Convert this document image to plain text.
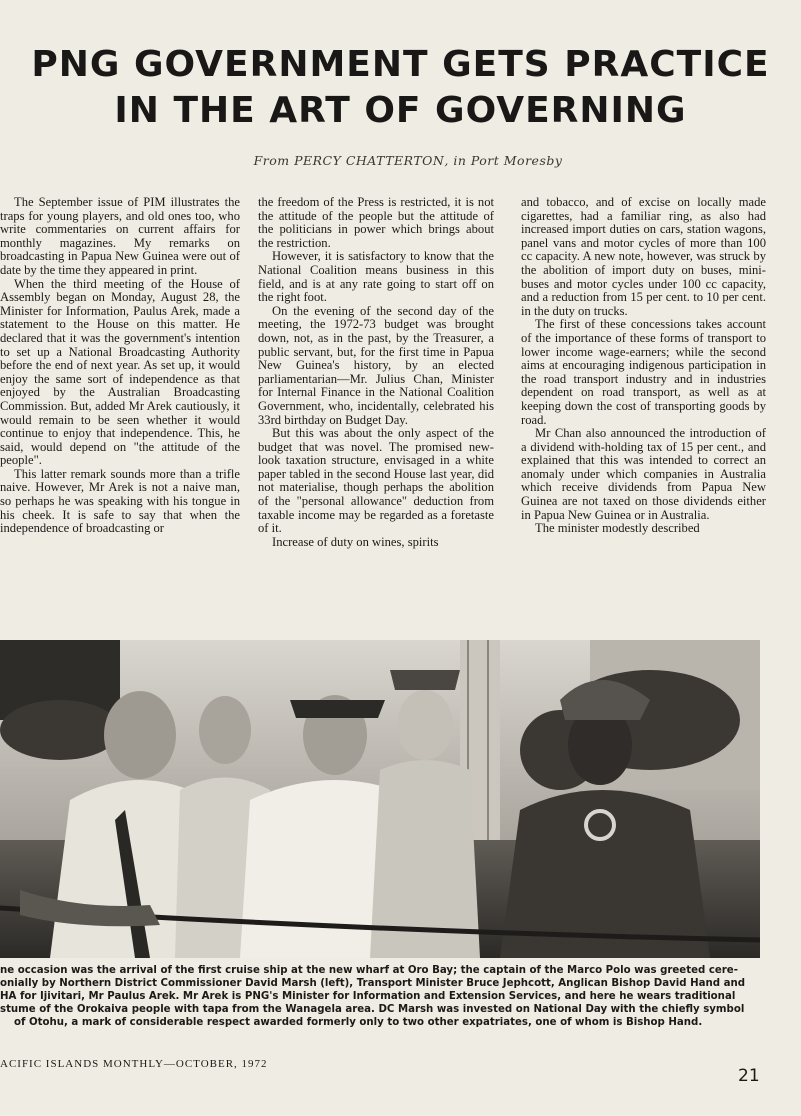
PNG GOVERNMENT GETS PRACTICE
IN THE ART OF GOVERNING
From PERCY CHATTERTON, in Port Moresby

The September issue of PIM illustrates the traps for young players, and old ones too, who write commentaries on current affairs for monthly magazines. My remarks on broadcasting in Papua New Guinea were out of date by the time they appeared in print.

When the third meeting of the House of Assembly began on Monday, August 28, the Minister for Information, Paulus Arek, made a statement to the House on this matter. He declared that it was the government's intention to set up a National Broadcasting Authority before the end of next year. As set up, it would enjoy the same sort of independence as that enjoyed by the Australian Broadcasting Commission. But, added Mr Arek cautiously, it would remain to be seen whether it would continue to enjoy that independence. This, he said, would depend on "the attitude of the people".

This latter remark sounds more than a trifle naive. However, Mr Arek is not a naive man, so perhaps he was speaking with his tongue in his cheek. It is safe to say that when the independence of broadcasting or

the freedom of the Press is restricted, it is not the attitude of the people but the attitude of the politicians in power which brings about the restriction.

However, it is satisfactory to know that the National Coalition means business in this field, and is at any rate going to start off on the right foot.

On the evening of the second day of the meeting, the 1972-73 budget was brought down, not, as in the past, by the Treasurer, a public servant, but, for the first time in Papua New Guinea's history, by an elected parliamentarian—Mr. Julius Chan, Minister for Internal Finance in the National Coalition Government, who, incidentally, celebrated his 33rd birthday on Budget Day.

But this was about the only aspect of the budget that was novel. The promised new-look taxation structure, envisaged in a white paper tabled in the second House last year, did not materialise, though perhaps the abolition of the "personal allowance" deduction from taxable income may be regarded as a foretaste of it.

Increase of duty on wines, spirits

and tobacco, and of excise on locally made cigarettes, had a familiar ring, as also had increased import duties on cars, station wagons, panel vans and motor cycles of more than 100 cc capacity. A new note, however, was struck by the abolition of import duty on buses, mini-buses and motor cycles under 100 cc capacity, and a reduction from 15 per cent. to 10 per cent. in the duty on trucks.

The first of these concessions takes account of the importance of these forms of transport to lower income wage-earners; while the second aims at encouraging indigenous participation in the road transport industry and in industries dependent on road transport, as well as at keeping down the cost of transporting goods by road.

Mr Chan also announced the introduction of a dividend with-holding tax of 15 per cent., and explained that this was intended to correct an anomaly under which companies in Australia which receive dividends from Papua New Guinea are not taxed on those dividends either in Papua New Guinea or in Australia.

The minister modestly described

ne occasion was the arrival of the first cruise ship at the new wharf at Oro Bay; the captain of the Marco Polo was greeted cere-
onially by Northern District Commissioner David Marsh (left), Transport Minister Bruce Jephcott, Anglican Bishop David Hand and
HA for Ijivitari, Mr Paulus Arek. Mr Arek is PNG's Minister for Information and Extension Services, and here he wears traditional
stume of the Orokaiva people with tapa from the Wanagela area. DC Marsh was invested on National Day with the chiefly symbol
of Otohu, a mark of considerable respect awarded formerly only to two other expatriates, one of whom is Bishop Hand.
ACIFIC ISLANDS MONTHLY—OCTOBER, 1972
21
